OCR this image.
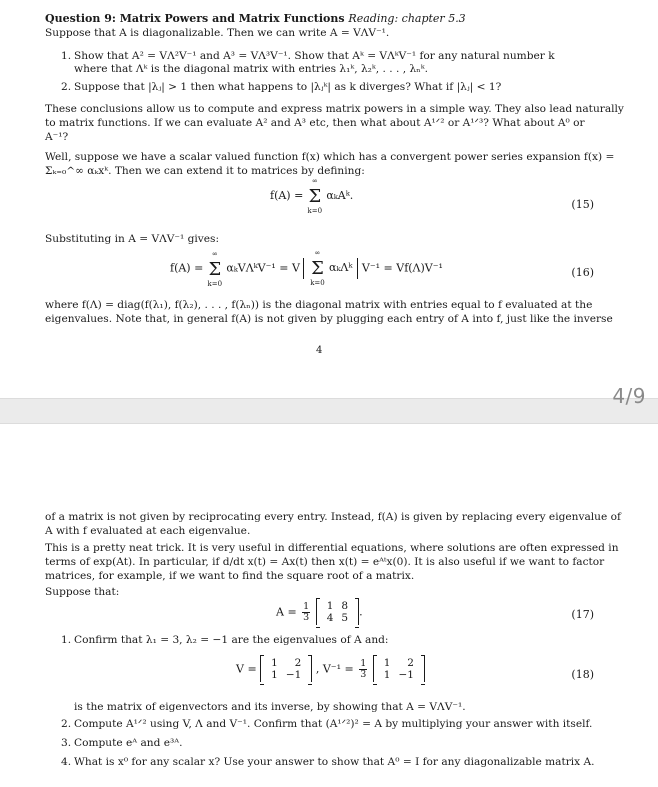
Question 9: Matrix Powers and Matrix Functions Reading: chapter 5.3
Suppose that A is diagonalizable. Then we can write A = VΛV⁻¹.
1. Show that A² = VΛ²V⁻¹ and A³ = VΛ³V⁻¹. Show that Aᵏ = VΛᵏV⁻¹ for any natural number k
where that Λᵏ is the diagonal matrix with entries λ₁ᵏ, λ₂ᵏ, . . . , λₙᵏ.
2. Suppose that |λⱼ| > 1 then what happens to |λⱼᵏ| as k diverges? What if |λⱼ| < 1?
These conclusions allow us to compute and express matrix powers in a simple way. They also lead naturally
to matrix functions. If we can evaluate A² and A³ etc, then what about A¹ᐟ² or A¹ᐟ³? What about A⁰ or
A⁻¹?
Well, suppose we have a scalar valued function f(x) which has a convergent power series expansion f(x) =
Σₖ₌₀^∞ αₖxᵏ. Then we can extend it to matrices by defining:
f(A) =
∞
Σ
k=0
αₖAᵏ.
(15)
Substituting in A = VΛV⁻¹ gives:
f(A) =
∞
Σ
k=0
αₖVΛᵏV⁻¹ = V
∞
Σ
k=0
αₖΛᵏ V⁻¹ = Vf(Λ)V⁻¹	(16)
where f(Λ) = diag(f(λ₁), f(λ₂), . . . , f(λₙ)) is the diagonal matrix with entries equal to f evaluated at the
eigenvalues. Note that, in general f(A) is not given by plugging each entry of A into f, just like the inverse
4
4/9
of a matrix is not given by reciprocating every entry. Instead, f(A) is given by replacing every eigenvalue of
A with f evaluated at each eigenvalue.
This is a pretty neat trick. It is very useful in differential equations, where solutions are often expressed in
terms of exp(At). In particular, if d/dt x(t) = Ax(t) then x(t) = eᴬᵗx(0). It is also useful if we want to factor
matrices, for example, if we want to find the square root of a matrix.
Suppose that:
$A = \frac{1}{3}$
1	8
4	5 .	(17)
1. Confirm that λ₁ = 3, λ₂ = −1 are the eigenvalues of A and:
V = 1	2
1	−1 , $V^{-1} = \frac{1}{3}$
1	2
1	−1	(18)
is the matrix of eigenvectors and its inverse, by showing that A = VΛV⁻¹.
2. Compute A¹ᐟ² using V, Λ and V⁻¹. Confirm that (A¹ᐟ²)² = A by multiplying your answer with itself.
3. Compute eᴬ and e³ᴬ.
4. What is x⁰ for any scalar x? Use your answer to show that A⁰ = I for any diagonalizable matrix A.
